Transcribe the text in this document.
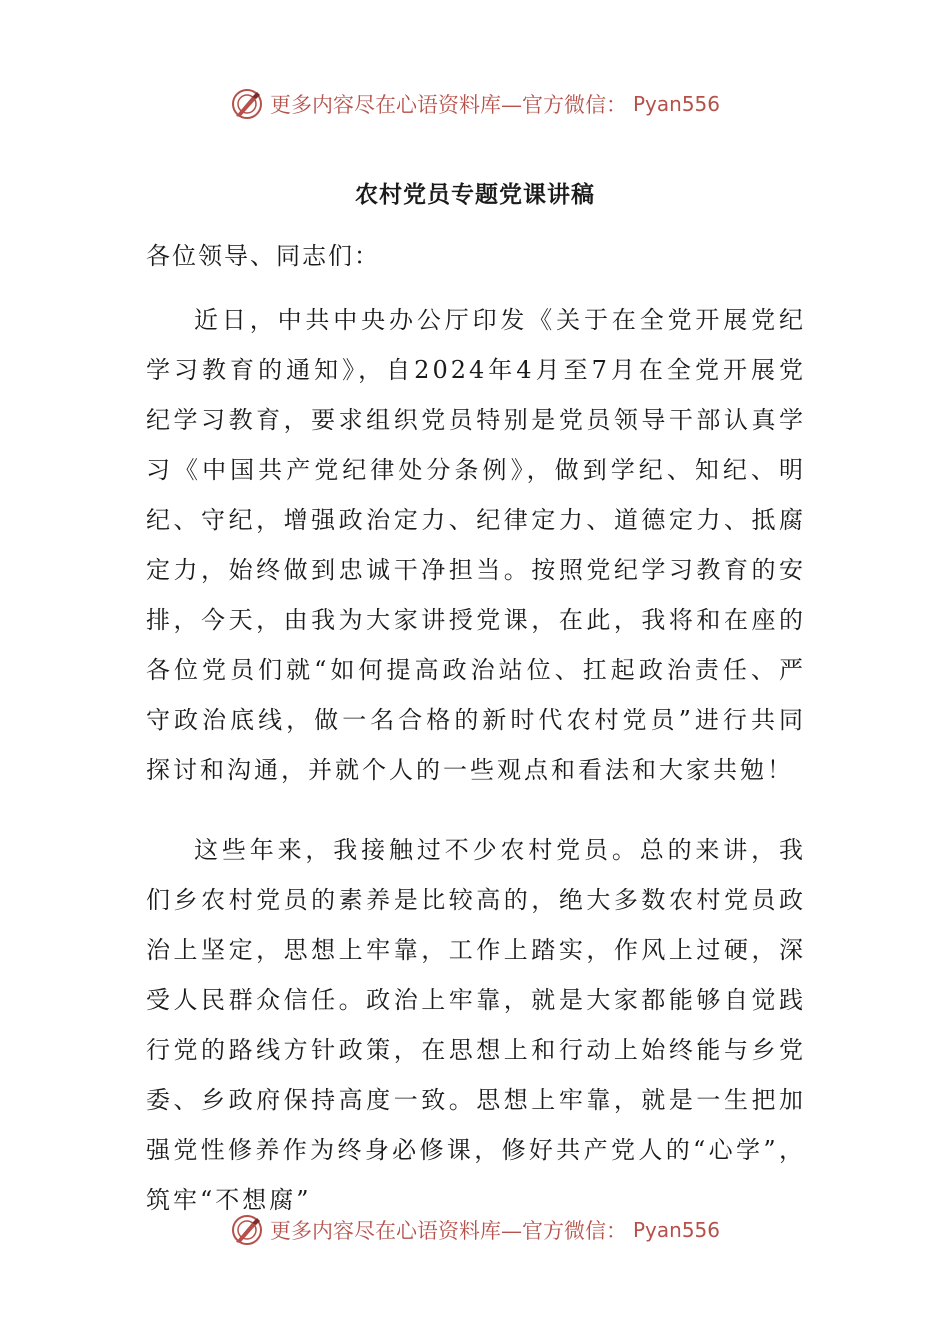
更多内容尽在心语资料库—官方微信： Pyan556
农村党员专题党课讲稿

各位领导、同志们：

近日，中共中央办公厅印发《关于在全党开展党纪学习教育的通知》，自2024年4月至7月在全党开展党纪学习教育，要求组织党员特别是党员领导干部认真学习《中国共产党纪律处分条例》，做到学纪、知纪、明纪、守纪，增强政治定力、纪律定力、道德定力、抵腐定力，始终做到忠诚干净担当。按照党纪学习教育的安排，今天，由我为大家讲授党课，在此，我将和在座的各位党员们就“如何提高政治站位、扛起政治责任、严守政治底线，做一名合格的新时代农村党员”进行共同探讨和沟通，并就个人的一些观点和看法和大家共勉！

这些年来，我接触过不少农村党员。总的来讲，我们乡农村党员的素养是比较高的，绝大多数农村党员政治上坚定，思想上牢靠，工作上踏实，作风上过硬，深受人民群众信任。政治上牢靠，就是大家都能够自觉践行党的路线方针政策，在思想上和行动上始终能与乡党委、乡政府保持高度一致。思想上牢靠，就是一生把加强党性修养作为终身必修课，修好共产党人的“心学”，筑牢“不想腐”

更多内容尽在心语资料库—官方微信： Pyan556
